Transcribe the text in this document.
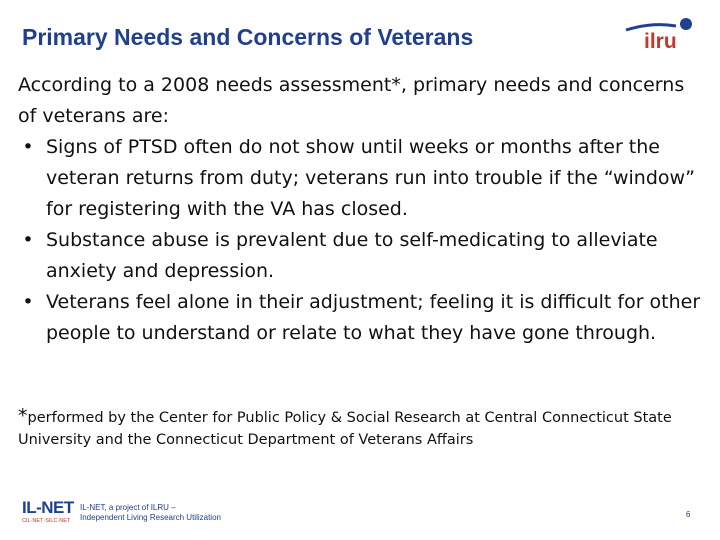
Primary Needs and Concerns of Veterans	ilru

According to a 2008 needs assessment*, primary needs and concerns of veterans are:

• Signs of PTSD often do not show until weeks or months after the veteran returns from duty; veterans run into trouble if the “window” for registering with the VA has closed.
• Substance abuse is prevalent due to self-medicating to alleviate anxiety and depression.
• Veterans feel alone in their adjustment; feeling it is difficult for other people to understand or relate to what they have gone through.
*performed by the Center for Public Policy & Social Research at Central Connecticut State University and the Connecticut Department of Veterans Affairs
IL-NET
CIL·NET·SILC·NET
IL-NET, a project of ILRU –
Independent Living Research Utilization	6
